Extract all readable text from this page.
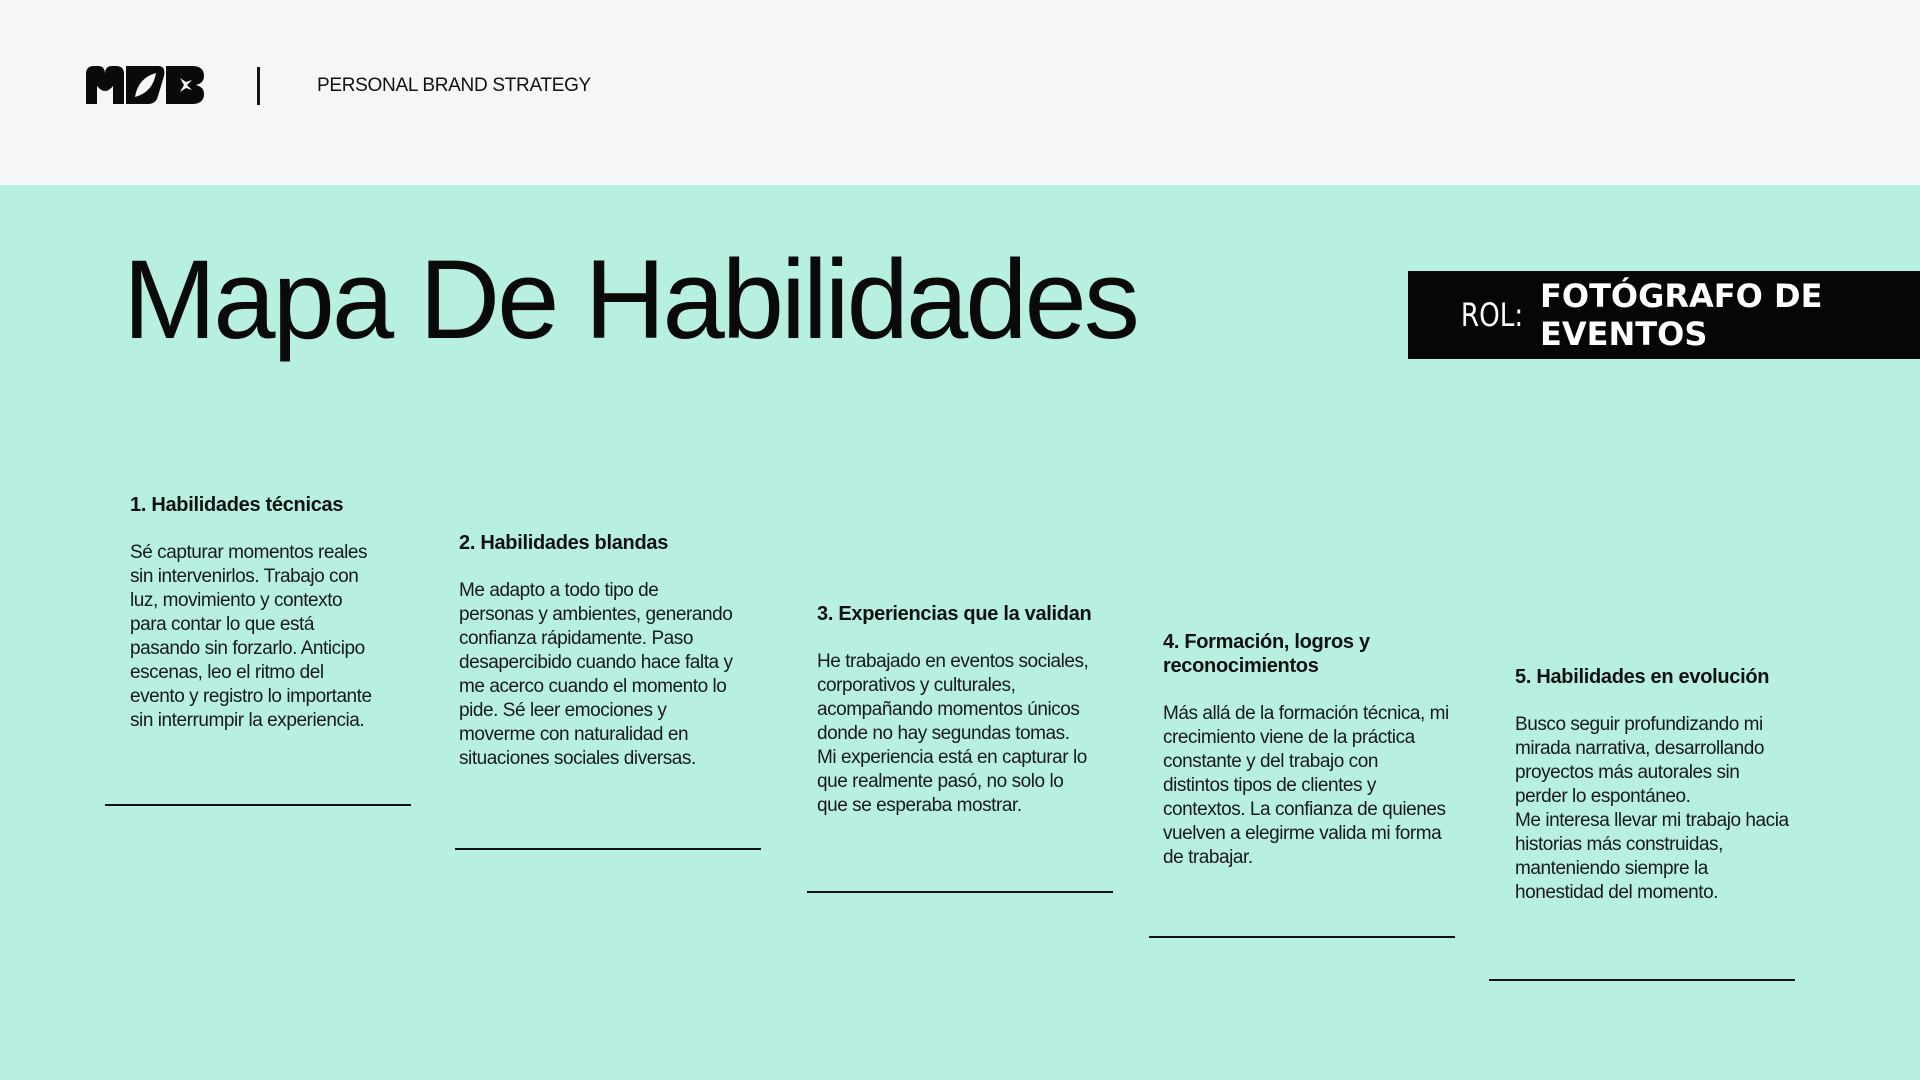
PERSONAL BRAND STRATEGY
Mapa De Habilidades	ROL: FOTÓGRAFO DE EVENTOS
1. Habilidades técnicas

Sé capturar momentos reales
sin intervenirlos. Trabajo con
luz, movimiento y contexto
para contar lo que está
pasando sin forzarlo. Anticipo
escenas, leo el ritmo del
evento y registro lo importante
sin interrumpir la experiencia.

2. Habilidades blandas

Me adapto a todo tipo de
personas y ambientes, generando
confianza rápidamente. Paso
desapercibido cuando hace falta y
me acerco cuando el momento lo
pide. Sé leer emociones y
moverme con naturalidad en
situaciones sociales diversas.

3. Experiencias que la validan

He trabajado en eventos sociales,
corporativos y culturales,
acompañando momentos únicos
donde no hay segundas tomas.
Mi experiencia está en capturar lo
que realmente pasó, no solo lo
que se esperaba mostrar.

4. Formación, logros y
reconocimientos

Más allá de la formación técnica, mi
crecimiento viene de la práctica
constante y del trabajo con
distintos tipos de clientes y
contextos. La confianza de quienes
vuelven a elegirme valida mi forma
de trabajar.

5. Habilidades en evolución

Busco seguir profundizando mi
mirada narrativa, desarrollando
proyectos más autorales sin
perder lo espontáneo.
Me interesa llevar mi trabajo hacia
historias más construidas,
manteniendo siempre la
honestidad del momento.
